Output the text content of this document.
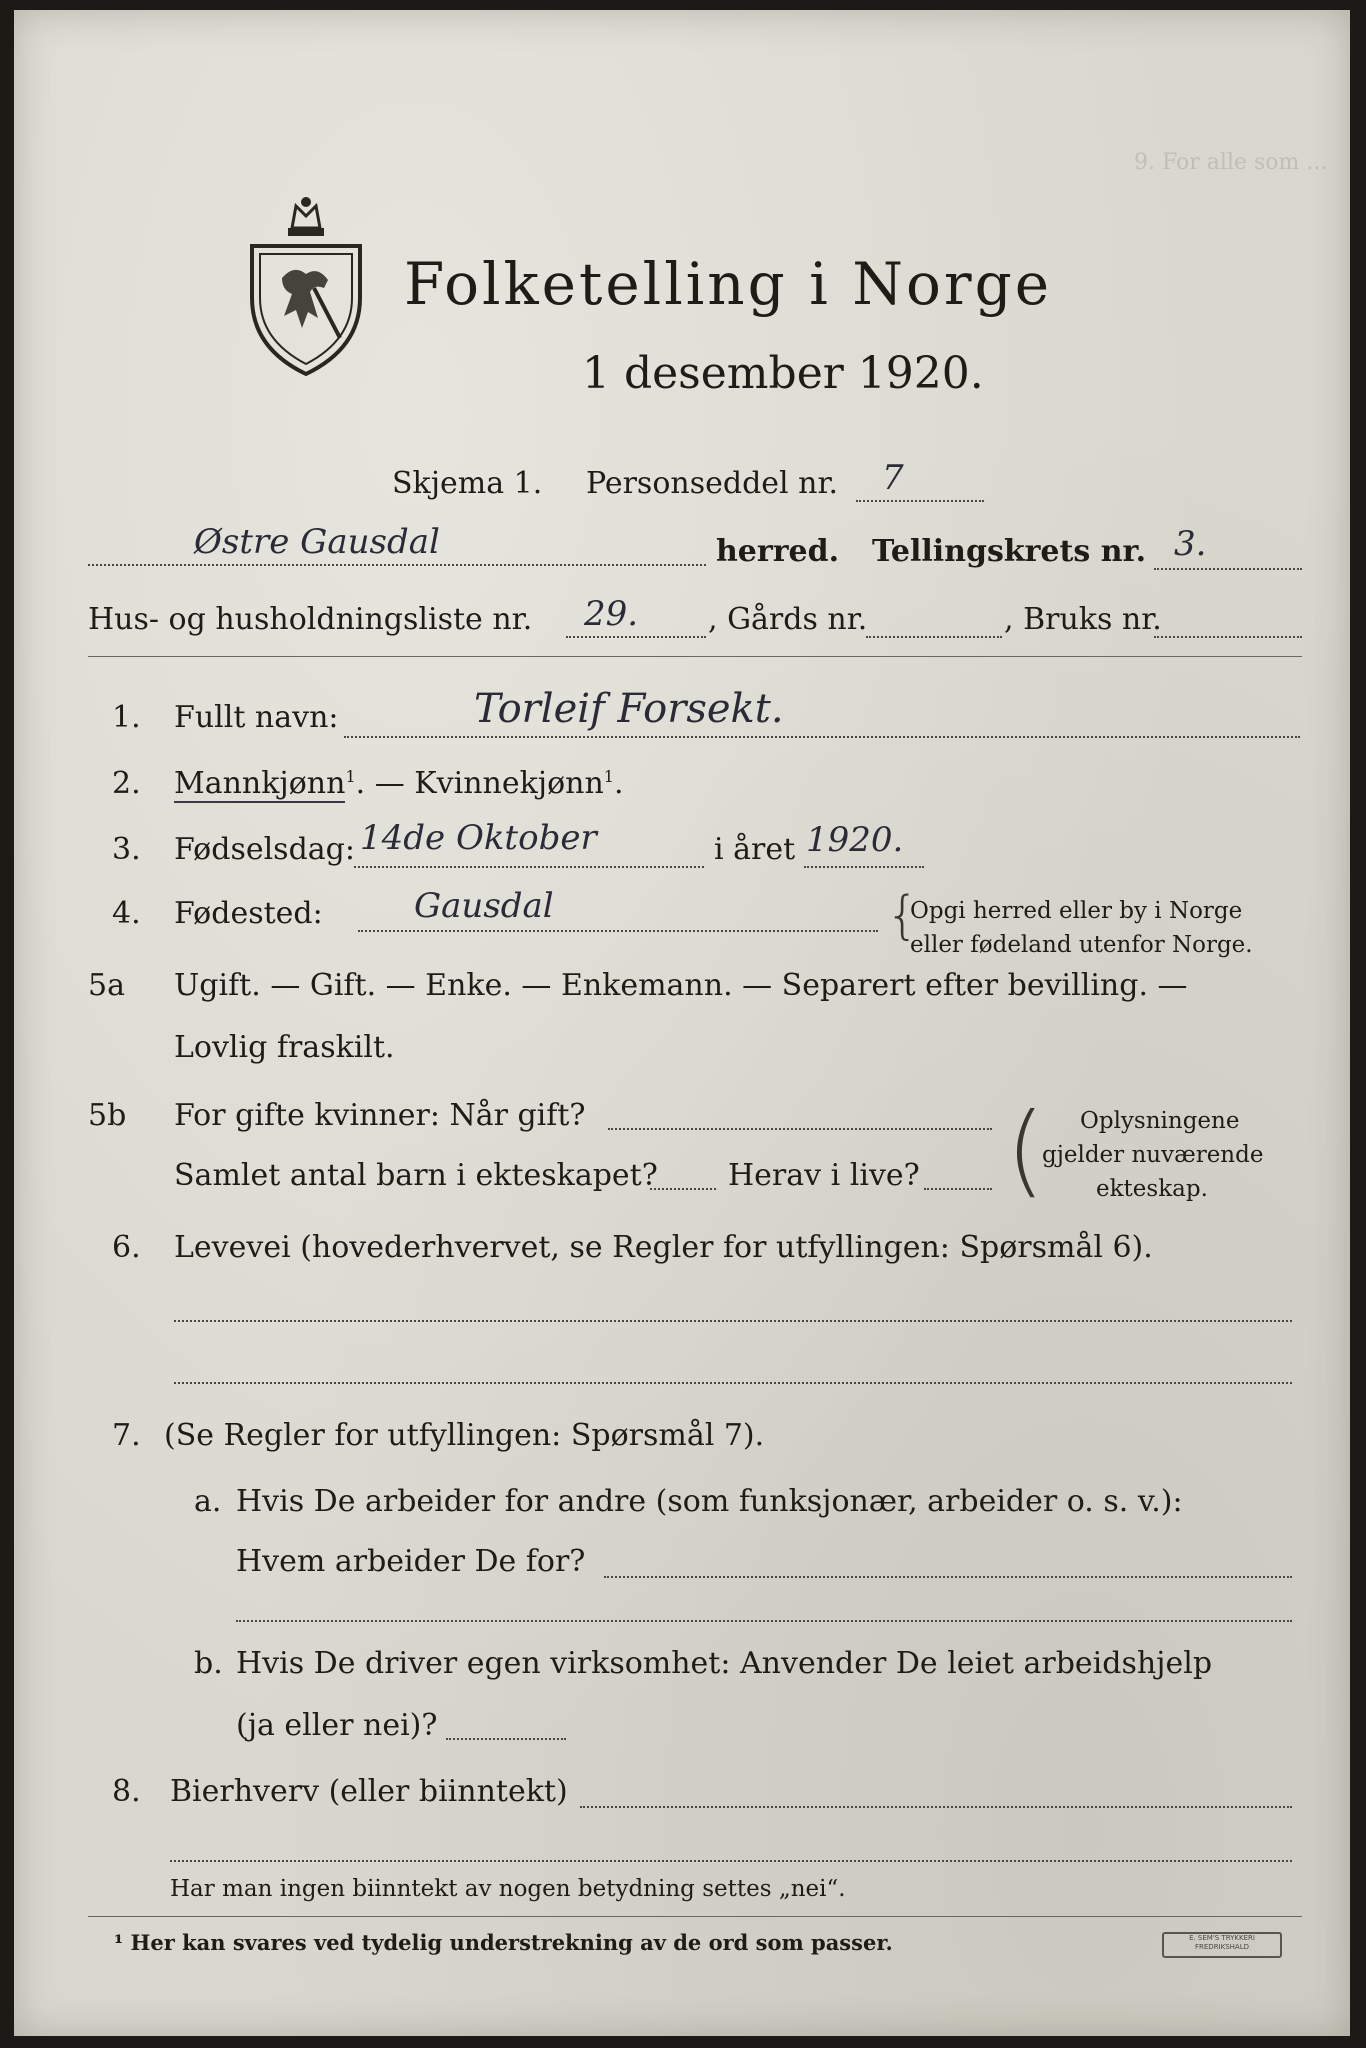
Folketelling i Norge
1 desember 1920.
9. For alle som ...
Skjema 1. Personseddel nr. 7
Østre Gausdal	herred. Tellingskrets nr. 3.
Hus- og husholdningsliste nr. 29. , Gårds nr.	, Bruks nr.
1. Fullt navn:	Torleif Forsekt.
2. Mannkjønn$^1$. — Kvinnekjønn$^1$.
3. Fødselsdag: 14de Oktober	i året 1920.
4. Fødested:	Gausdal	{
Opgi herred eller by i Norge
eller fødeland utenfor Norge.
5a Ugift. — Gift. — Enke. — Enkemann. — Separert efter bevilling. —
Lovlig fraskilt.
5b For gifte kvinner: Når gift?
Samlet antal barn i ekteskapet? Herav i live? ( Oplysningene
gjelder nuværende
ekteskap.
6. Levevei (hovederhvervet, se Regler for utfyllingen: Spørsmål 6).
7. (Se Regler for utfyllingen: Spørsmål 7).
a. Hvis De arbeider for andre (som funksjonær, arbeider o. s. v.):
Hvem arbeider De for?
b. Hvis De driver egen virksomhet: Anvender De leiet arbeidshjelp
(ja eller nei)?
8. Bierhverv (eller biinntekt)
Har man ingen biinntekt av nogen betydning settes „nei“.
¹ Her kan svares ved tydelig understrekning av de ord som passer.	E. SEM'S TRYKKERI FREDRIKSHALD
